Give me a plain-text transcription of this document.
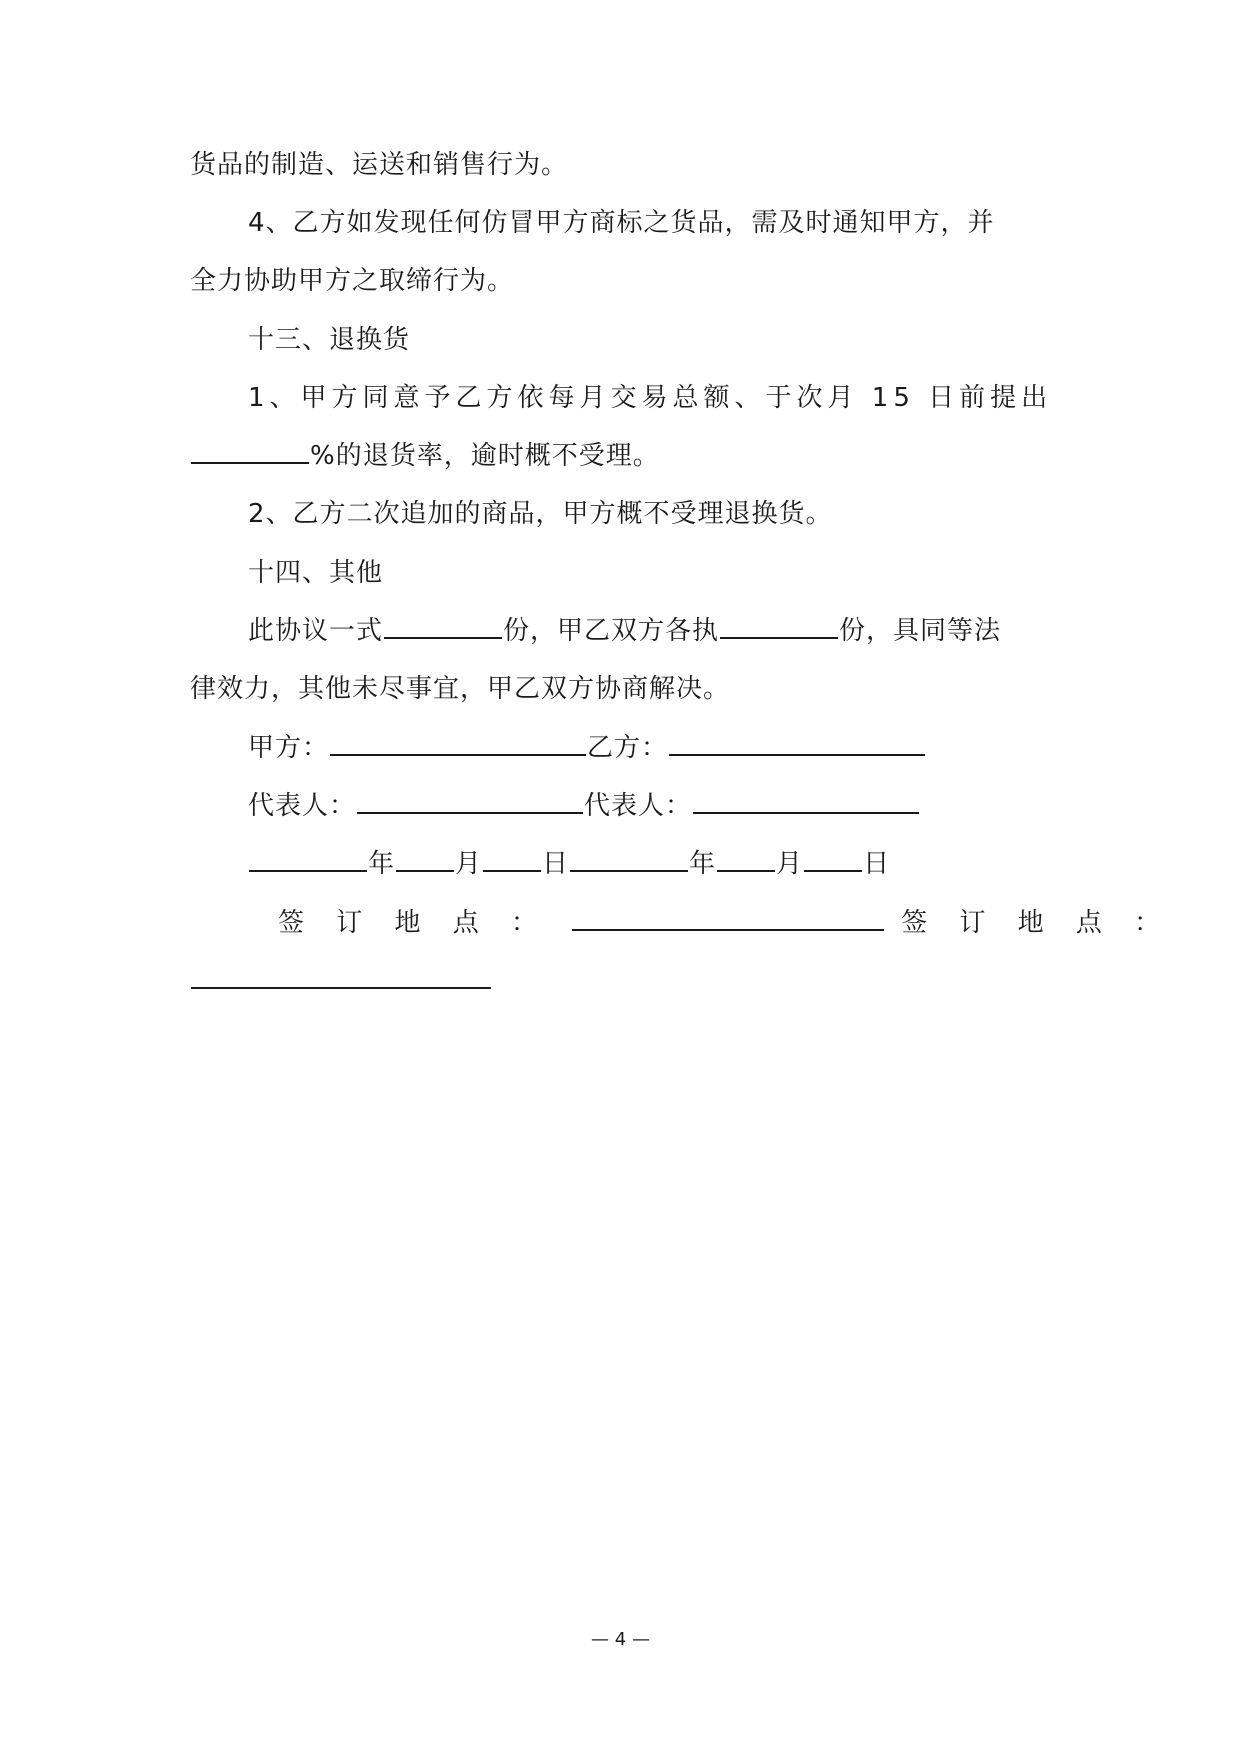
货品的制造、运送和销售行为。
4、乙方如发现任何仿冒甲方商标之货品，需及时通知甲方，并
全力协助甲方之取缔行为。
十三、退换货
1、甲方同意予乙方依每月交易总额、于次月 15 日前提出
%的退货率，逾时概不受理。
2、乙方二次追加的商品，甲方概不受理退换货。
十四、其他
此协议一式	份，甲乙双方各执	份，具同等法
律效力，其他未尽事宜，甲乙双方协商解决。
甲方：	乙方：
代表人：	代表人：
年 月 日	年 月 日
签 订 地 点 ：	签 订 地 点 ：
— 4 —
